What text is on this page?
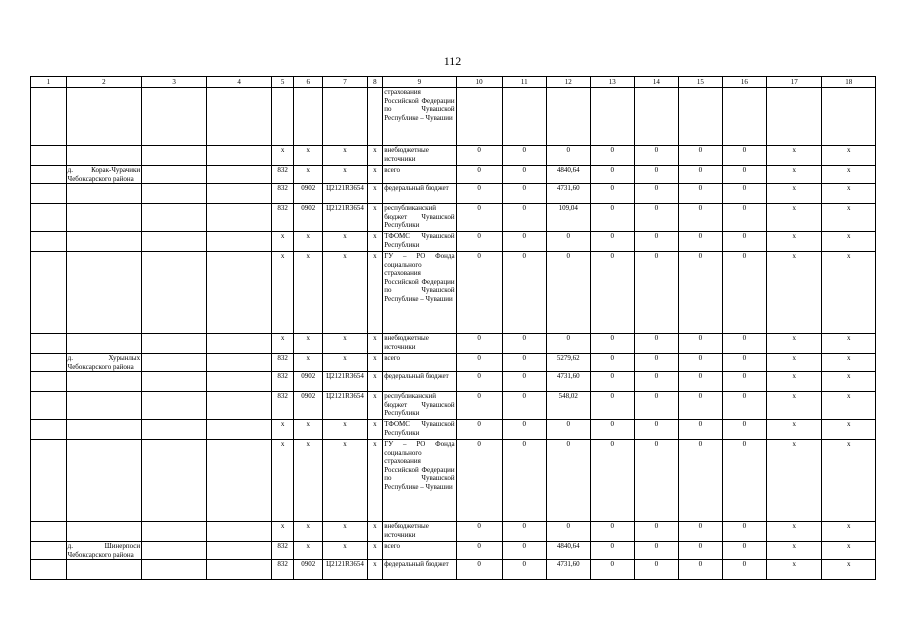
112
1	2	3	4	5	6	7	8	9	10	11	12	13	14	15	16	17	18
								страхования Российской Федерации по Чувашской Республике – Чувашии									
				х	х	х	х	внебюджетные источники	0	0	0	0	0	0	0	х	х
	д. Корак-Чурачики Чебоксарского района			832	х	х	х	всего	0	0	4840,64	0	0	0	0	х	х
				832	0902	Ц2121R3654	х	федеральный бюджет	0	0	4731,60	0	0	0	0	х	х
				832	0902	Ц2121R3654	х	республиканский бюджет Чувашской Республики	0	0	109,04	0	0	0	0	х	х
				х	х	х	х	ТФОМС Чувашской Республики	0	0	0	0	0	0	0	х	х
				х	х	х	х	ГУ – РО Фонда социального страхования Российской Федерации по Чувашской Республике – Чувашии	0	0	0	0	0	0	0	х	х
				х	х	х	х	внебюджетные источники	0	0	0	0	0	0	0	х	х
	д. Хурынлых Чебоксарского района			832	х	х	х	всего	0	0	5279,62	0	0	0	0	х	х
				832	0902	Ц2121R3654	х	федеральный бюджет	0	0	4731,60	0	0	0	0	х	х
				832	0902	Ц2121R3654	х	республиканский бюджет Чувашской Республики	0	0	548,02	0	0	0	0	х	х
				х	х	х	х	ТФОМС Чувашской Республики	0	0	0	0	0	0	0	х	х
				х	х	х	х	ГУ – РО Фонда социального страхования Российской Федерации по Чувашской Республике – Чувашии	0	0	0	0	0	0	0	х	х
				х	х	х	х	внебюджетные источники	0	0	0	0	0	0	0	х	х
	д. Шинерпоси Чебоксарского района			832	х	х	х	всего	0	0	4840,64	0	0	0	0	х	х
				832	0902	Ц2121R3654	х	федеральный бюджет	0	0	4731,60	0	0	0	0	х	х
